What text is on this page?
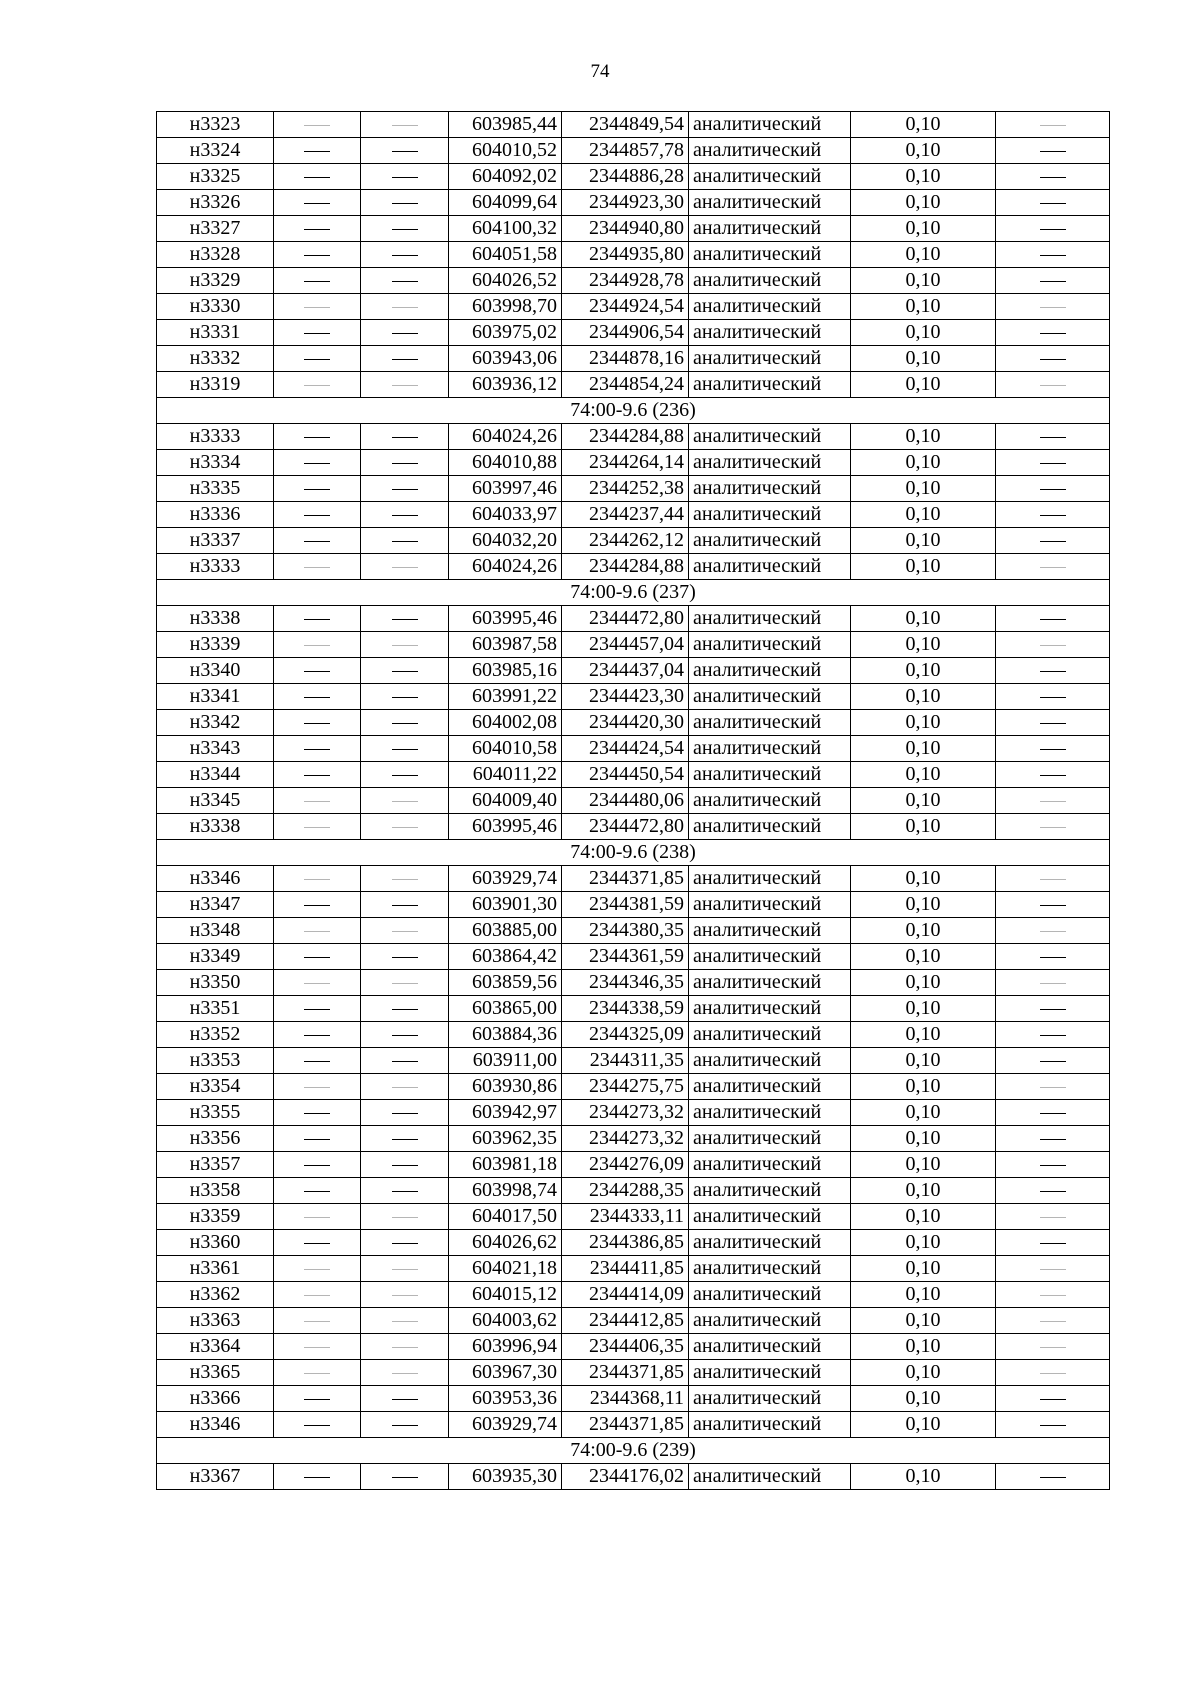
74
н3323			603985,44	2344849,54	аналитический	0,10	
н3324			604010,52	2344857,78	аналитический	0,10	
н3325			604092,02	2344886,28	аналитический	0,10	
н3326			604099,64	2344923,30	аналитический	0,10	
н3327			604100,32	2344940,80	аналитический	0,10	
н3328			604051,58	2344935,80	аналитический	0,10	
н3329			604026,52	2344928,78	аналитический	0,10	
н3330			603998,70	2344924,54	аналитический	0,10	
н3331			603975,02	2344906,54	аналитический	0,10	
н3332			603943,06	2344878,16	аналитический	0,10	
н3319			603936,12	2344854,24	аналитический	0,10	
74:00-9.6 (236)							
н3333			604024,26	2344284,88	аналитический	0,10	
н3334			604010,88	2344264,14	аналитический	0,10	
н3335			603997,46	2344252,38	аналитический	0,10	
н3336			604033,97	2344237,44	аналитический	0,10	
н3337			604032,20	2344262,12	аналитический	0,10	
н3333			604024,26	2344284,88	аналитический	0,10	
74:00-9.6 (237)							
н3338			603995,46	2344472,80	аналитический	0,10	
н3339			603987,58	2344457,04	аналитический	0,10	
н3340			603985,16	2344437,04	аналитический	0,10	
н3341			603991,22	2344423,30	аналитический	0,10	
н3342			604002,08	2344420,30	аналитический	0,10	
н3343			604010,58	2344424,54	аналитический	0,10	
н3344			604011,22	2344450,54	аналитический	0,10	
н3345			604009,40	2344480,06	аналитический	0,10	
н3338			603995,46	2344472,80	аналитический	0,10	
74:00-9.6 (238)							
н3346			603929,74	2344371,85	аналитический	0,10	
н3347			603901,30	2344381,59	аналитический	0,10	
н3348			603885,00	2344380,35	аналитический	0,10	
н3349			603864,42	2344361,59	аналитический	0,10	
н3350			603859,56	2344346,35	аналитический	0,10	
н3351			603865,00	2344338,59	аналитический	0,10	
н3352			603884,36	2344325,09	аналитический	0,10	
н3353			603911,00	2344311,35	аналитический	0,10	
н3354			603930,86	2344275,75	аналитический	0,10	
н3355			603942,97	2344273,32	аналитический	0,10	
н3356			603962,35	2344273,32	аналитический	0,10	
н3357			603981,18	2344276,09	аналитический	0,10	
н3358			603998,74	2344288,35	аналитический	0,10	
н3359			604017,50	2344333,11	аналитический	0,10	
н3360			604026,62	2344386,85	аналитический	0,10	
н3361			604021,18	2344411,85	аналитический	0,10	
н3362			604015,12	2344414,09	аналитический	0,10	
н3363			604003,62	2344412,85	аналитический	0,10	
н3364			603996,94	2344406,35	аналитический	0,10	
н3365			603967,30	2344371,85	аналитический	0,10	
н3366			603953,36	2344368,11	аналитический	0,10	
н3346			603929,74	2344371,85	аналитический	0,10	
74:00-9.6 (239)							
н3367			603935,30	2344176,02	аналитический	0,10	
